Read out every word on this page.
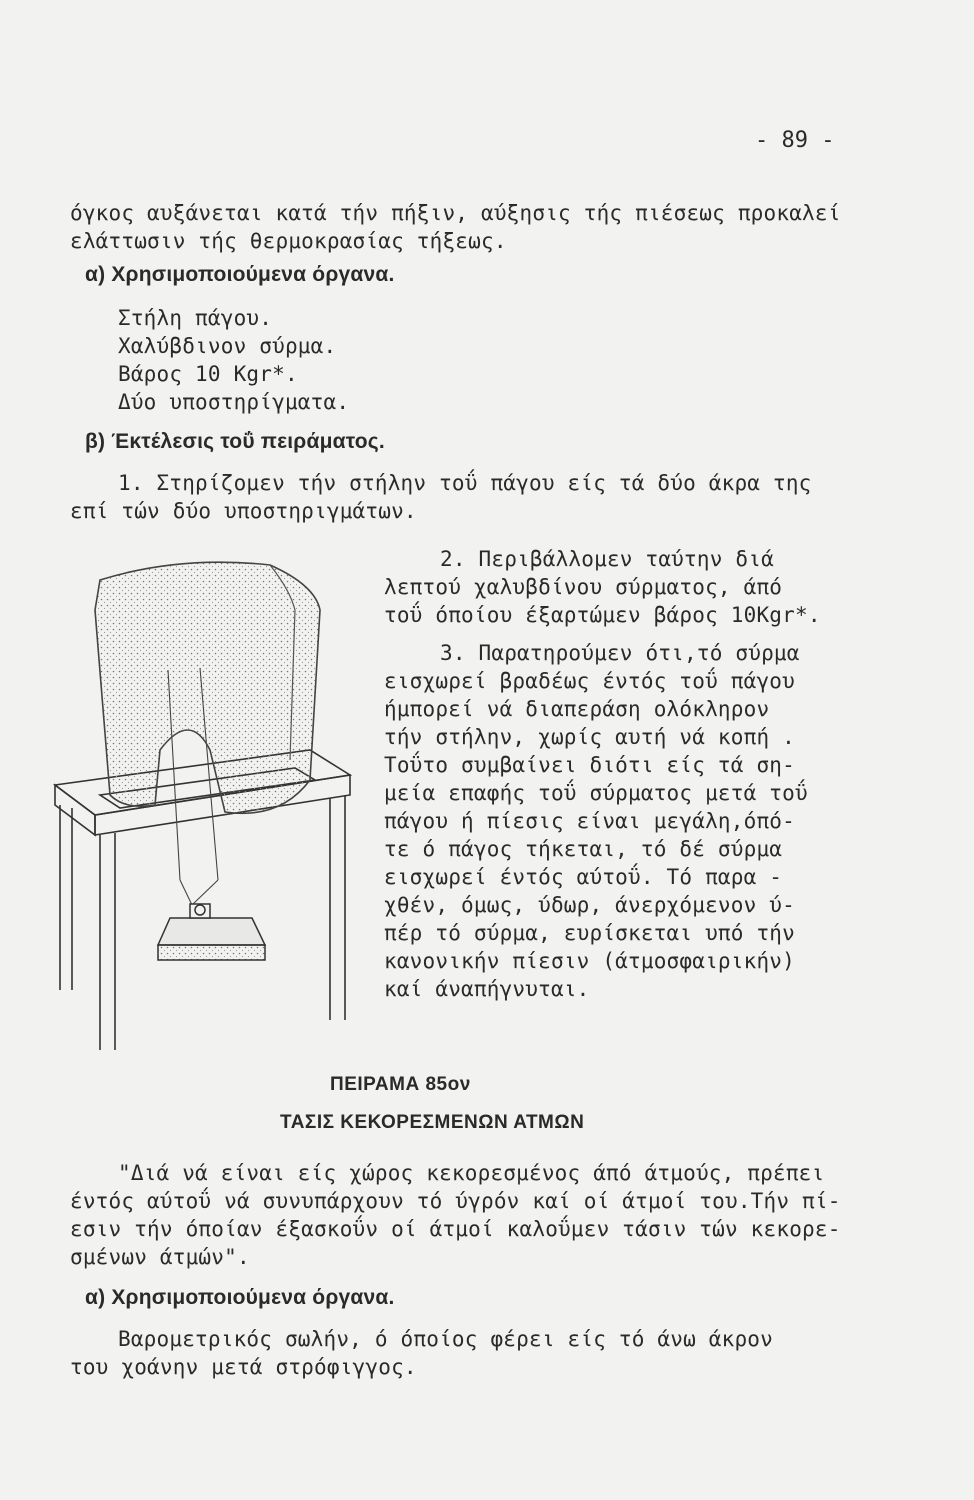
- 89 -
όγκος αυξάνεται κατά τήν πήξιν, αύξησις τής πιέσεως προκαλεί
ελάττωσιν τής θερμοκρασίας τήξεως.
α) Χρησιμοποιούμενα όργανα.
Στήλη πάγου.
Χαλύβδινον σύρμα.
Βάρος 10 Kgr*.
Δύο υποστηρίγματα.
β) Έκτέλεσις τοΰ πειράματος.
1. Στηρίζομεν τήν στήλην τοΰ πάγου είς τά δύο άκρα της
επί τών δύο υποστηριγμάτων.
2. Περιβάλλομεν ταύτην διά
λεπτού χαλυβδίνου σύρματος, άπό
τοΰ όποίου έξαρτώμεν βάρος 10Kgr*.
3. Παρατηρούμεν ότι,τό σύρμα
εισχωρεί βραδέως έντός τοΰ πάγου
ήμπορεί νά διαπεράση ολόκληρον
τήν στήλην, χωρίς αυτή νά κοπή .
Τοΰτο συμβαίνει διότι είς τά ση-
μεία επαφής τοΰ σύρματος μετά τοΰ
πάγου ή πίεσις είναι μεγάλη,όπό-
τε ό πάγος τήκεται, τό δέ σύρμα
εισχωρεί έντός αύτοΰ. Τό παρα -
χθέν, όμως, ύδωρ, άνερχόμενον ύ-
πέρ τό σύρμα, ευρίσκεται υπό τήν
κανονικήν πίεσιν (άτμοσφαιρικήν)
καί άναπήγνυται.
ΠΕΙΡΑΜΑ 85ον
ΤΑΣΙΣ ΚΕΚΟΡΕΣΜΕΝΩΝ ΑΤΜΩΝ
"Διά νά είναι είς χώρος κεκορεσμένος άπό άτμούς, πρέπει
έντός αύτοΰ νά συνυπάρχουν τό ύγρόν καί οί άτμοί του.Τήν πί-
εσιν τήν όποίαν έξασκοΰν οί άτμοί καλοΰμεν τάσιν τών κεκορε-
σμένων άτμών".
α) Χρησιμοποιούμενα όργανα.
Βαρομετρικός σωλήν, ό όποίος φέρει είς τό άνω άκρον
του χοάνην μετά στρόφιγγος.
